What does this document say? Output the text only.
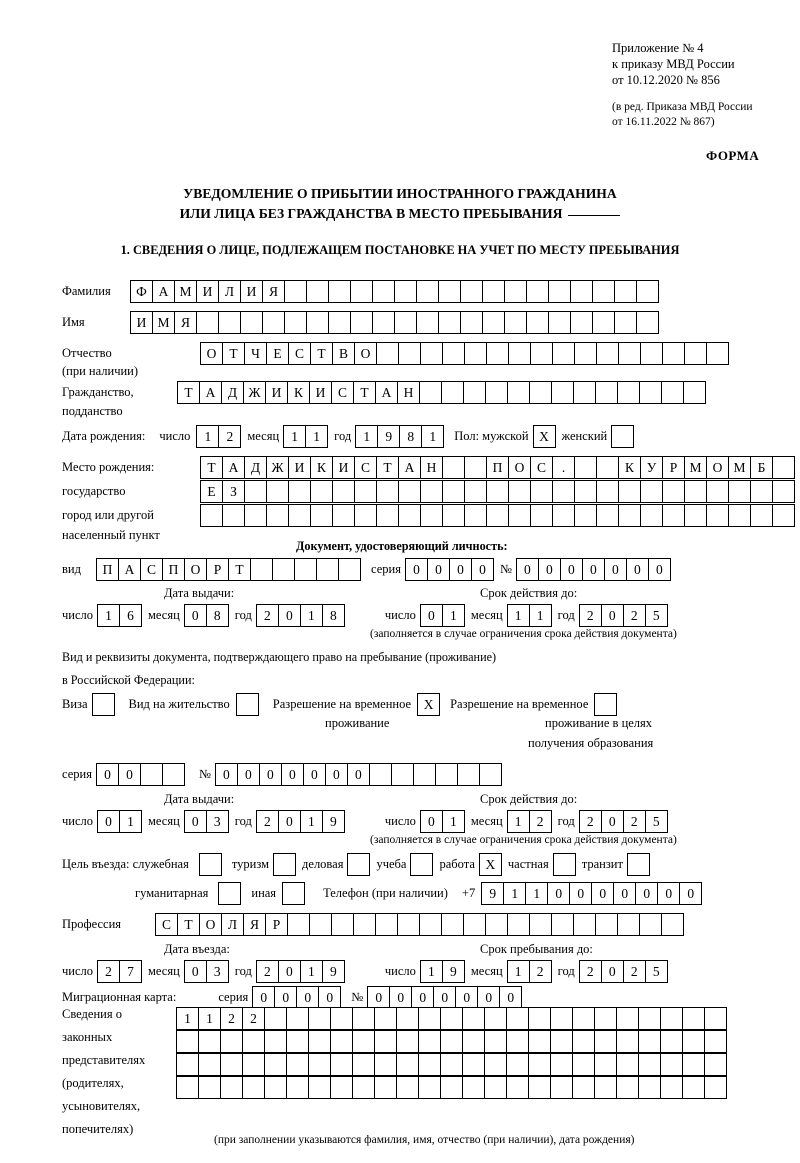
Приложение № 4
к приказу МВД России
от 10.12.2020 № 856
(в ред. Приказа МВД России
от 16.11.2022 № 867)
ФОРМА
УВЕДОМЛЕНИЕ О ПРИБЫТИИ ИНОСТРАННОГО ГРАЖДАНИНА
ИЛИ ЛИЦА БЕЗ ГРАЖДАНСТВА В МЕСТО ПРЕБЫВАНИЯ
1. СВЕДЕНИЯ О ЛИЦЕ, ПОДЛЕЖАЩЕМ ПОСТАНОВКЕ НА УЧЕТ ПО МЕСТУ ПРЕБЫВАНИЯ
Фамилия	Ф А М И Л И Я
Имя	И М Я
Отчество	О Т Ч Е С Т В О
(при наличии)
Гражданство,	Т А Д Ж И К И С Т А Н
подданство
Дата рождения: число	1	2	месяц 1	1	год 1	9	8	1	Пол: мужской X	женский
Место рождения:	Т А Д Ж И К И С Т А Н	П О С	.	К У Р М О М Б
государство	Е	З
город или другой
населенный пункт
Документ, удостоверяющий личность:
вид	П А С П О Р	Т	серия 0	0	0	0	№ 0	0	0	0	0	0	0
Дата выдачи:	Срок действия до:
число 1	6	месяц 0	8	год 2	0	1	8	число 0	1	месяц 1	1	год 2	0	2	5
(заполняется в случае ограничения срока действия документа)
Вид и реквизиты документа, подтверждающего право на пребывание (проживание)
в Российской Федерации:
Виза	Вид на жительство	Разрешение на временное X	Разрешение на временное
проживание	проживание в целях
получения образования
серия 0	0	№ 0	0	0	0	0	0	0
Дата выдачи:	Срок действия до:
число 0	1	месяц 0	3	год 2	0	1	9	число 0	1	месяц 1	2	год 2	0	2	5
(заполняется в случае ограничения срока действия документа)
Цель въезда: служебная	туризм	деловая	учеба	работа X	частная	транзит
гуманитарная	иная	Телефон (при наличии) +7	9	1	1	0	0	0	0	0	0	0
Профессия	С Т О Л Я	Р
Дата въезда:	Срок пребывания до:
число 2	7	месяц 0	3	год 2	0	1	9	число 1	9	месяц 1	2	год 2	0	2	5
Миграционная карта:	серия 0	0	0	0	№ 0	0	0	0	0	0	0
Сведения о
законных
представителях
(родителях,
усыновителях,
попечителях)
1	1	2	2
(при заполнении указываются фамилия, имя, отчество (при наличии), дата рождения)
